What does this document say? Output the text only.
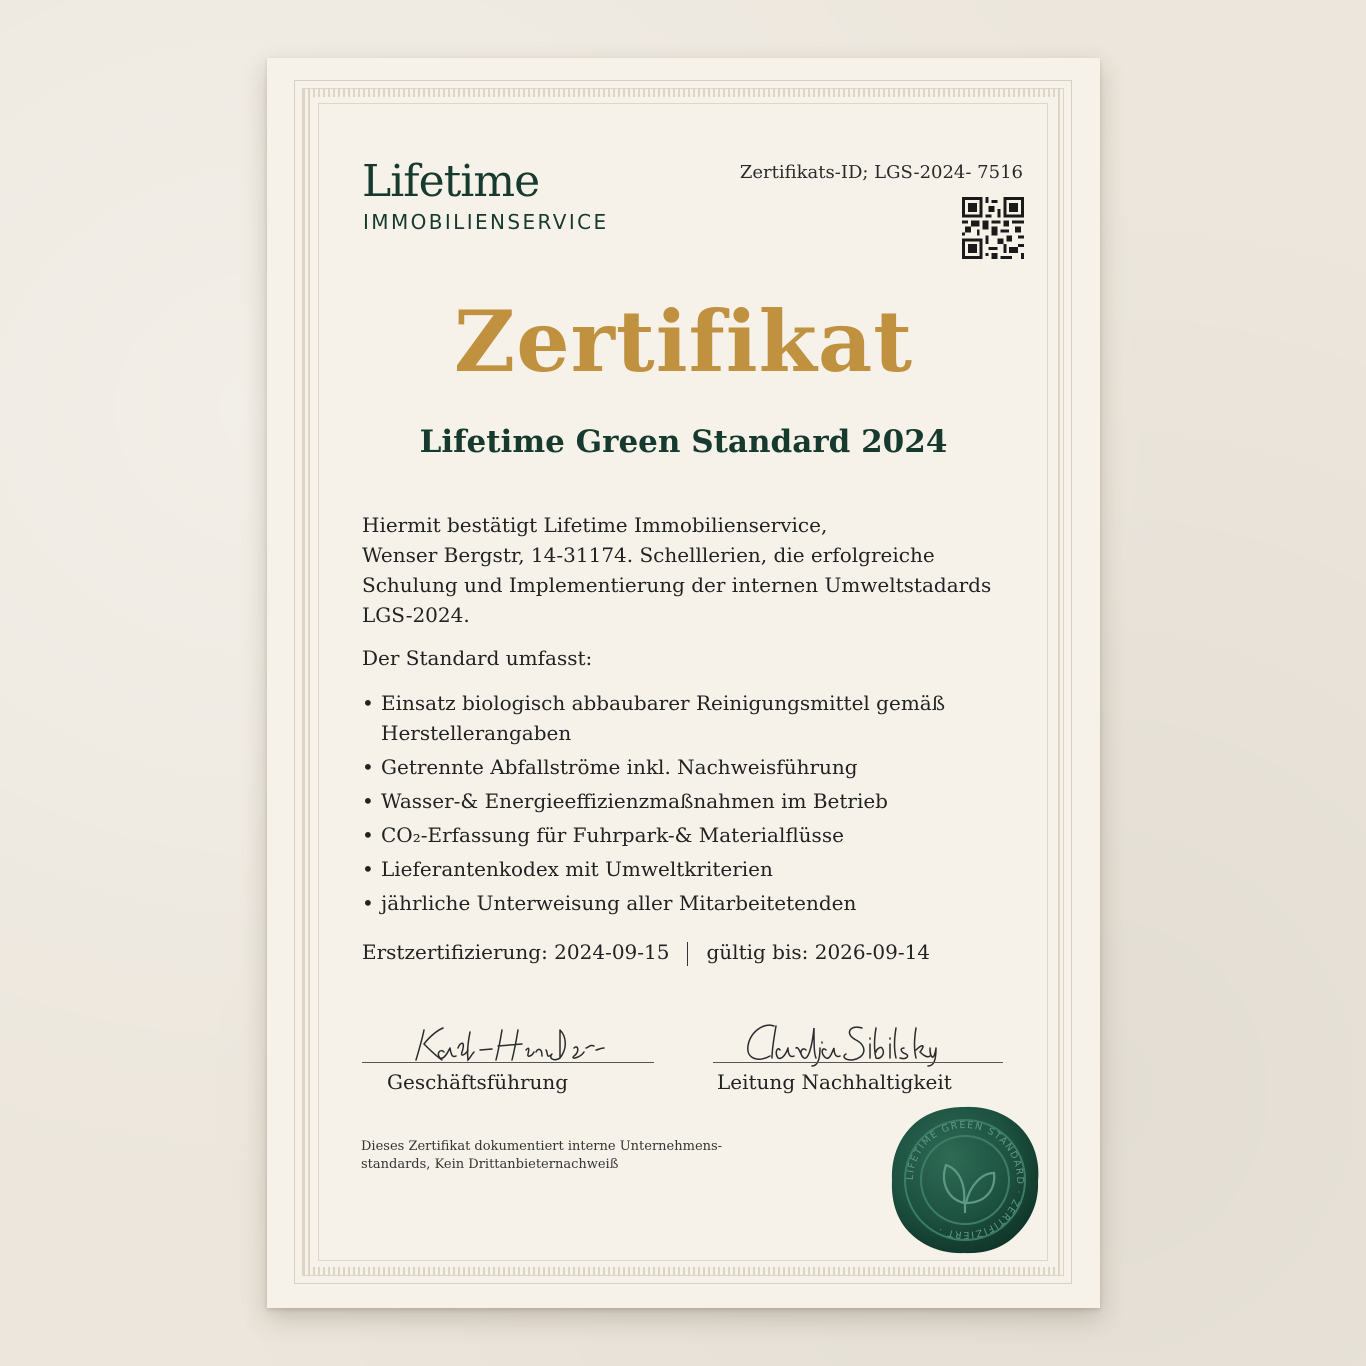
Lifetime
IMMOBILIENSERVICE
Zertifikats-ID; LGS-2024- 7516
Zertifikat
Lifetime Green Standard 2024
Hiermit bestätigt Lifetime Immobilienservice,
Wenser Bergstr, 14-31174. Schelllerien, die erfolgreiche
Schulung und Implementierung der internen Umweltstadards
LGS-2024.
Der Standard umfasst:
• Einsatz biologisch abbaubarer Reinigungsmittel gemäß
Herstellerangaben
• Getrennte Abfallströme inkl. Nachweisführung
• Wasser-& Energieeffizienzmaßnahmen im Betrieb
• CO₂-Erfassung für Fuhrpark-& Materialflüsse
• Lieferantenkodex mit Umweltkriterien
• jährliche Unterweisung aller Mitarbeitetenden
Erstzertifizierung: 2024-09-15 gültig bis: 2026-09-14
Geschäftsführung	Leitung Nachhaltigkeit
Dieses Zertifikat dokumentiert interne Unternehmens-
standards, Kein Drittanbieternachweiß
LIFETIME GREEN STANDARD · ZERTIFIZIERT ·
